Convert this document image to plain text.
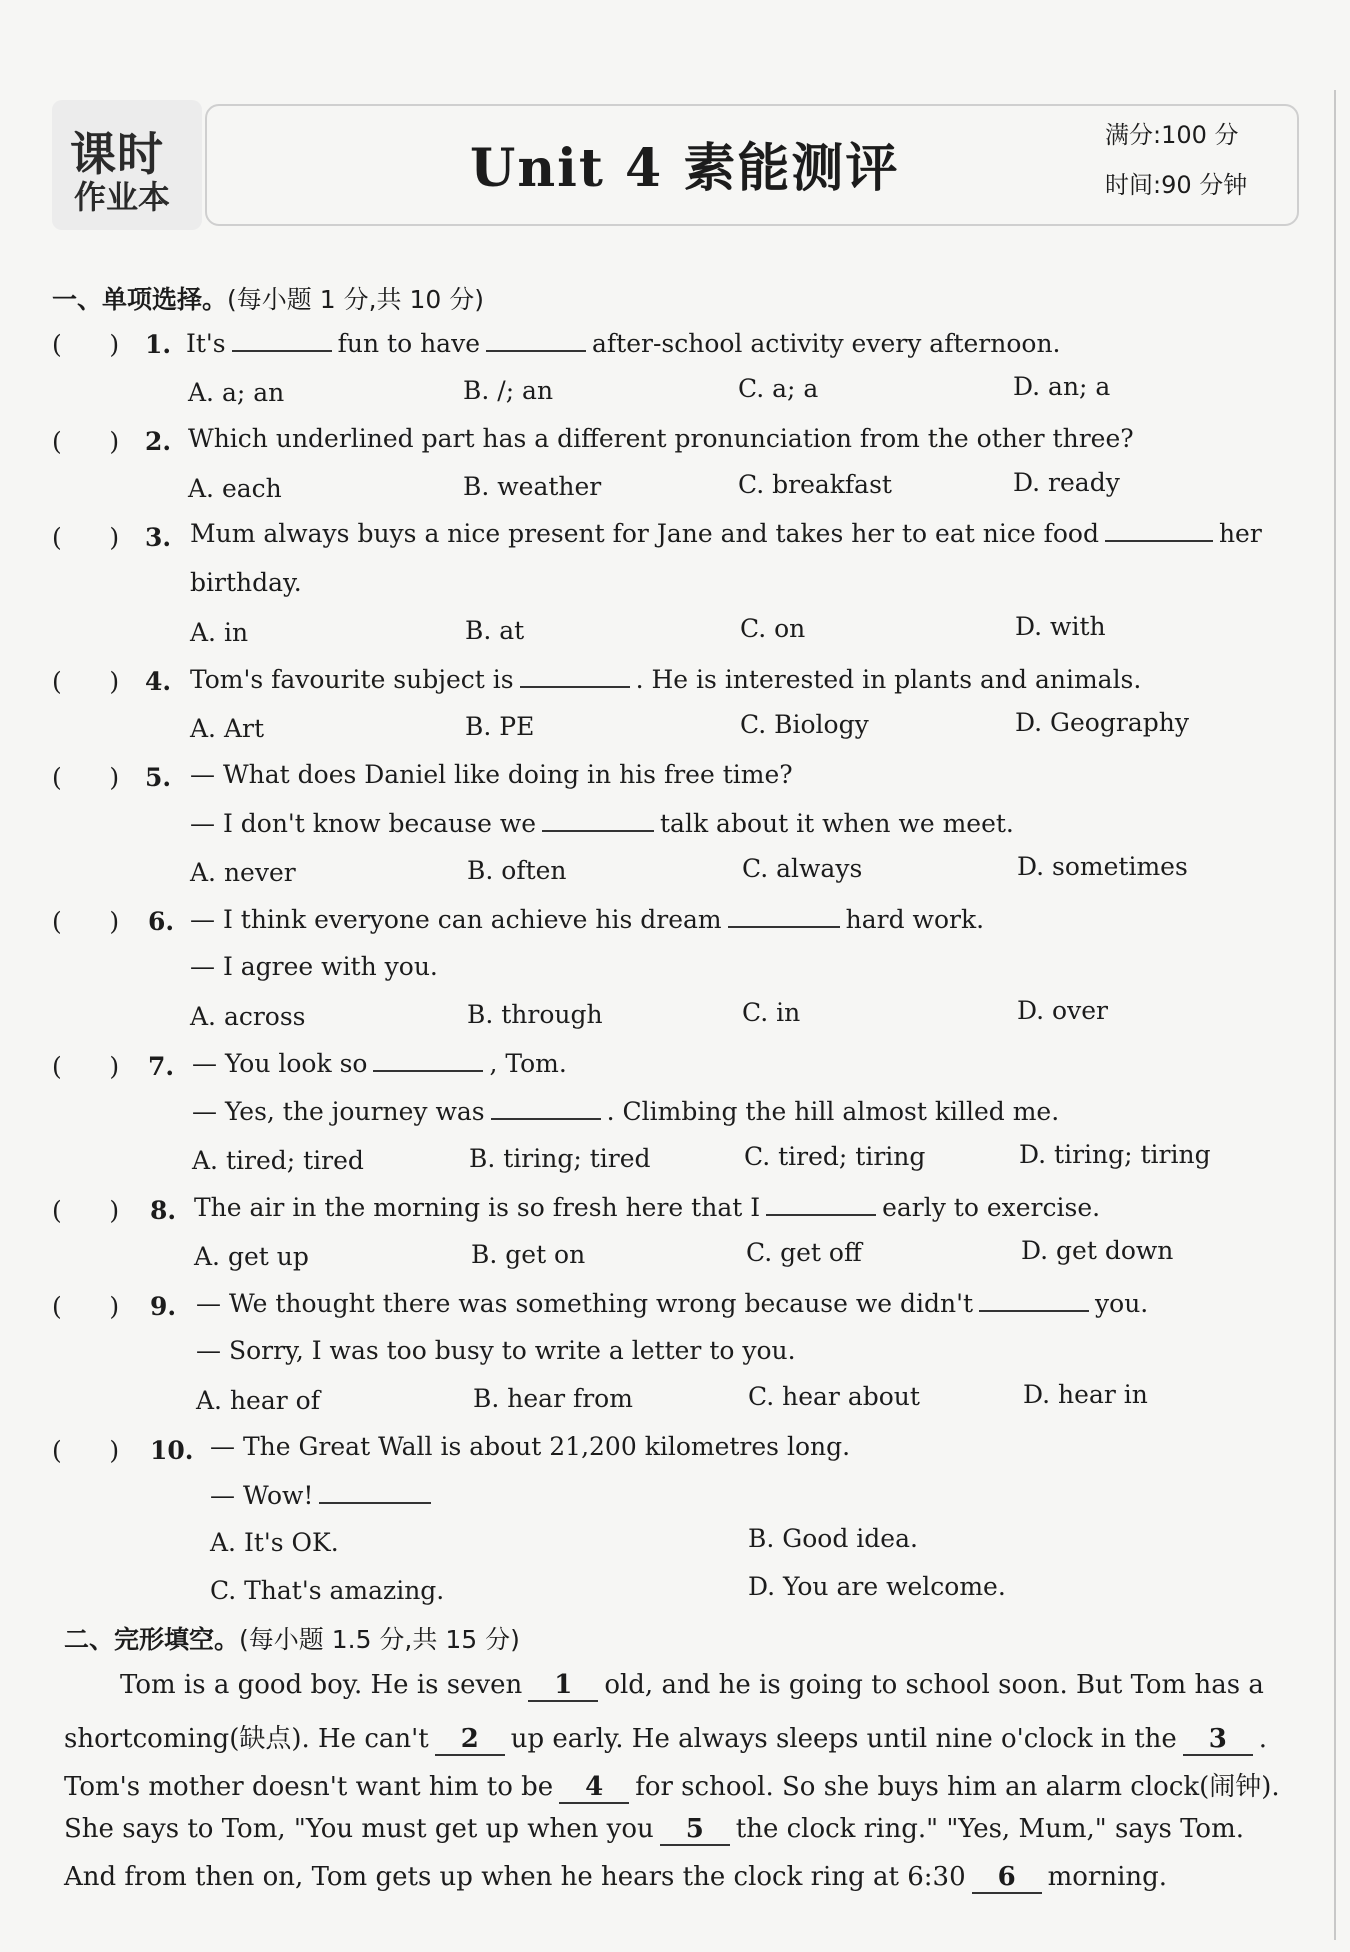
课时
作业本	Unit 4 素能测评
满分:100 分
时间:90 分钟
一、单项选择。(每小题 1 分,共 10 分)
(      ) 1. It's	fun to have	after-school activity every afternoon.
A. a; an	B. /; an	C. a; a	D. an; a
(      ) 2. Which underlined part has a different pronunciation from the other three?
A. each	B. weather	C. breakfast	D. ready
(      ) 3. Mum always buys a nice present for Jane and takes her to eat nice food	her
birthday.
A. in	B. at	C. on	D. with
(      ) 4. Tom's favourite subject is	. He is interested in plants and animals.
A. Art	B. PE	C. Biology	D. Geography
(      ) 5. — What does Daniel like doing in his free time?
— I don't know because we	talk about it when we meet.
A. never	B. often	C. always	D. sometimes
(      ) 6. — I think everyone can achieve his dream	hard work.
— I agree with you.
A. across	B. through	C. in	D. over
(      ) 7. — You look so	, Tom.
— Yes, the journey was	. Climbing the hill almost killed me.
A. tired; tired	B. tiring; tired	C. tired; tiring	D. tiring; tiring
(      ) 8. The air in the morning is so fresh here that I	early to exercise.
A. get up	B. get on	C. get off	D. get down
(      ) 9. — We thought there was something wrong because we didn't	you.
— Sorry, I was too busy to write a letter to you.
A. hear of	B. hear from	C. hear about	D. hear in
(      ) 10. — The Great Wall is about 21,200 kilometres long.
— Wow!
A. It's OK.	B. Good idea.
C. That's amazing.	D. You are welcome.
二、完形填空。(每小题 1.5 分,共 15 分)
Tom is a good boy. He is seven 1 old, and he is going to school soon. But Tom has a
shortcoming(缺点). He can't 2 up early. He always sleeps until nine o'clock in the 3 .
Tom's mother doesn't want him to be 4 for school. So she buys him an alarm clock(闹钟).
She says to Tom, "You must get up when you 5 the clock ring." "Yes, Mum," says Tom.
And from then on, Tom gets up when he hears the clock ring at 6:30 6 morning.
